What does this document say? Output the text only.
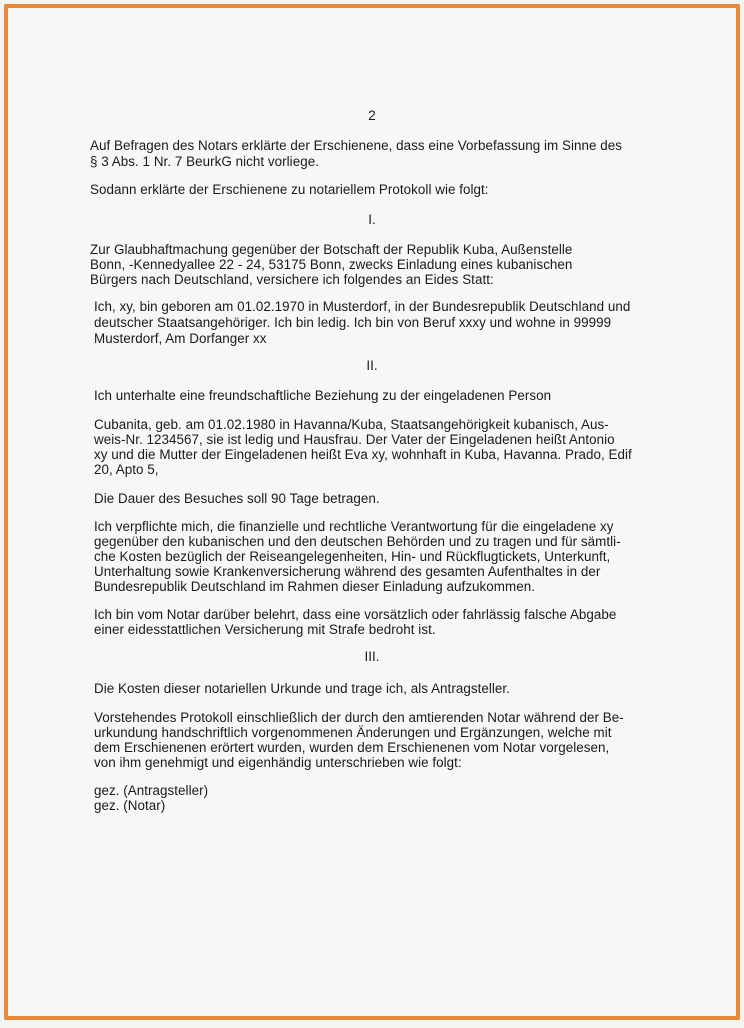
2
Auf Befragen des Notars erklärte der Erschienene, dass eine Vorbefassung im Sinne des
§ 3 Abs. 1 Nr. 7 BeurkG nicht vorliege.
Sodann erklärte der Erschienene zu notariellem Protokoll wie folgt:
I.
Zur Glaubhaftmachung gegenüber der Botschaft der Republik Kuba, Außenstelle
Bonn, -Kennedyallee 22 - 24, 53175 Bonn, zwecks Einladung eines kubanischen
Bürgers nach Deutschland, versichere ich folgendes an Eides Statt:
Ich, xy, bin geboren am 01.02.1970 in Musterdorf, in der Bundesrepublik Deutschland und
deutscher Staatsangehöriger. Ich bin ledig. Ich bin von Beruf xxxy und wohne in 99999
Musterdorf, Am Dorfanger xx
II.
Ich unterhalte eine freundschaftliche Beziehung zu der eingeladenen Person
Cubanita, geb. am 01.02.1980 in Havanna/Kuba, Staatsangehörigkeit kubanisch, Aus-
weis-Nr. 1234567, sie ist ledig und Hausfrau. Der Vater der Eingeladenen heißt Antonio
xy und die Mutter der Eingeladenen heißt Eva xy, wohnhaft in Kuba, Havanna. Prado, Edif
20, Apto 5,
Die Dauer des Besuches soll 90 Tage betragen.
Ich verpflichte mich, die finanzielle und rechtliche Verantwortung für die eingeladene xy
gegenüber den kubanischen und den deutschen Behörden und zu tragen und für sämtli-
che Kosten bezüglich der Reiseangelegenheiten, Hin- und Rückflugtickets, Unterkunft,
Unterhaltung sowie Krankenversicherung während des gesamten Aufenthaltes in der
Bundesrepublik Deutschland im Rahmen dieser Einladung aufzukommen.
Ich bin vom Notar darüber belehrt, dass eine vorsätzlich oder fahrlässig falsche Abgabe
einer eidesstattlichen Versicherung mit Strafe bedroht ist.
III.
Die Kosten dieser notariellen Urkunde und trage ich, als Antragsteller.
Vorstehendes Protokoll einschließlich der durch den amtierenden Notar während der Be-
urkundung handschriftlich vorgenommenen Änderungen und Ergänzungen, welche mit
dem Erschienenen erörtert wurden, wurden dem Erschienenen vom Notar vorgelesen,
von ihm genehmigt und eigenhändig unterschrieben wie folgt:
gez. (Antragsteller)
gez. (Notar)
